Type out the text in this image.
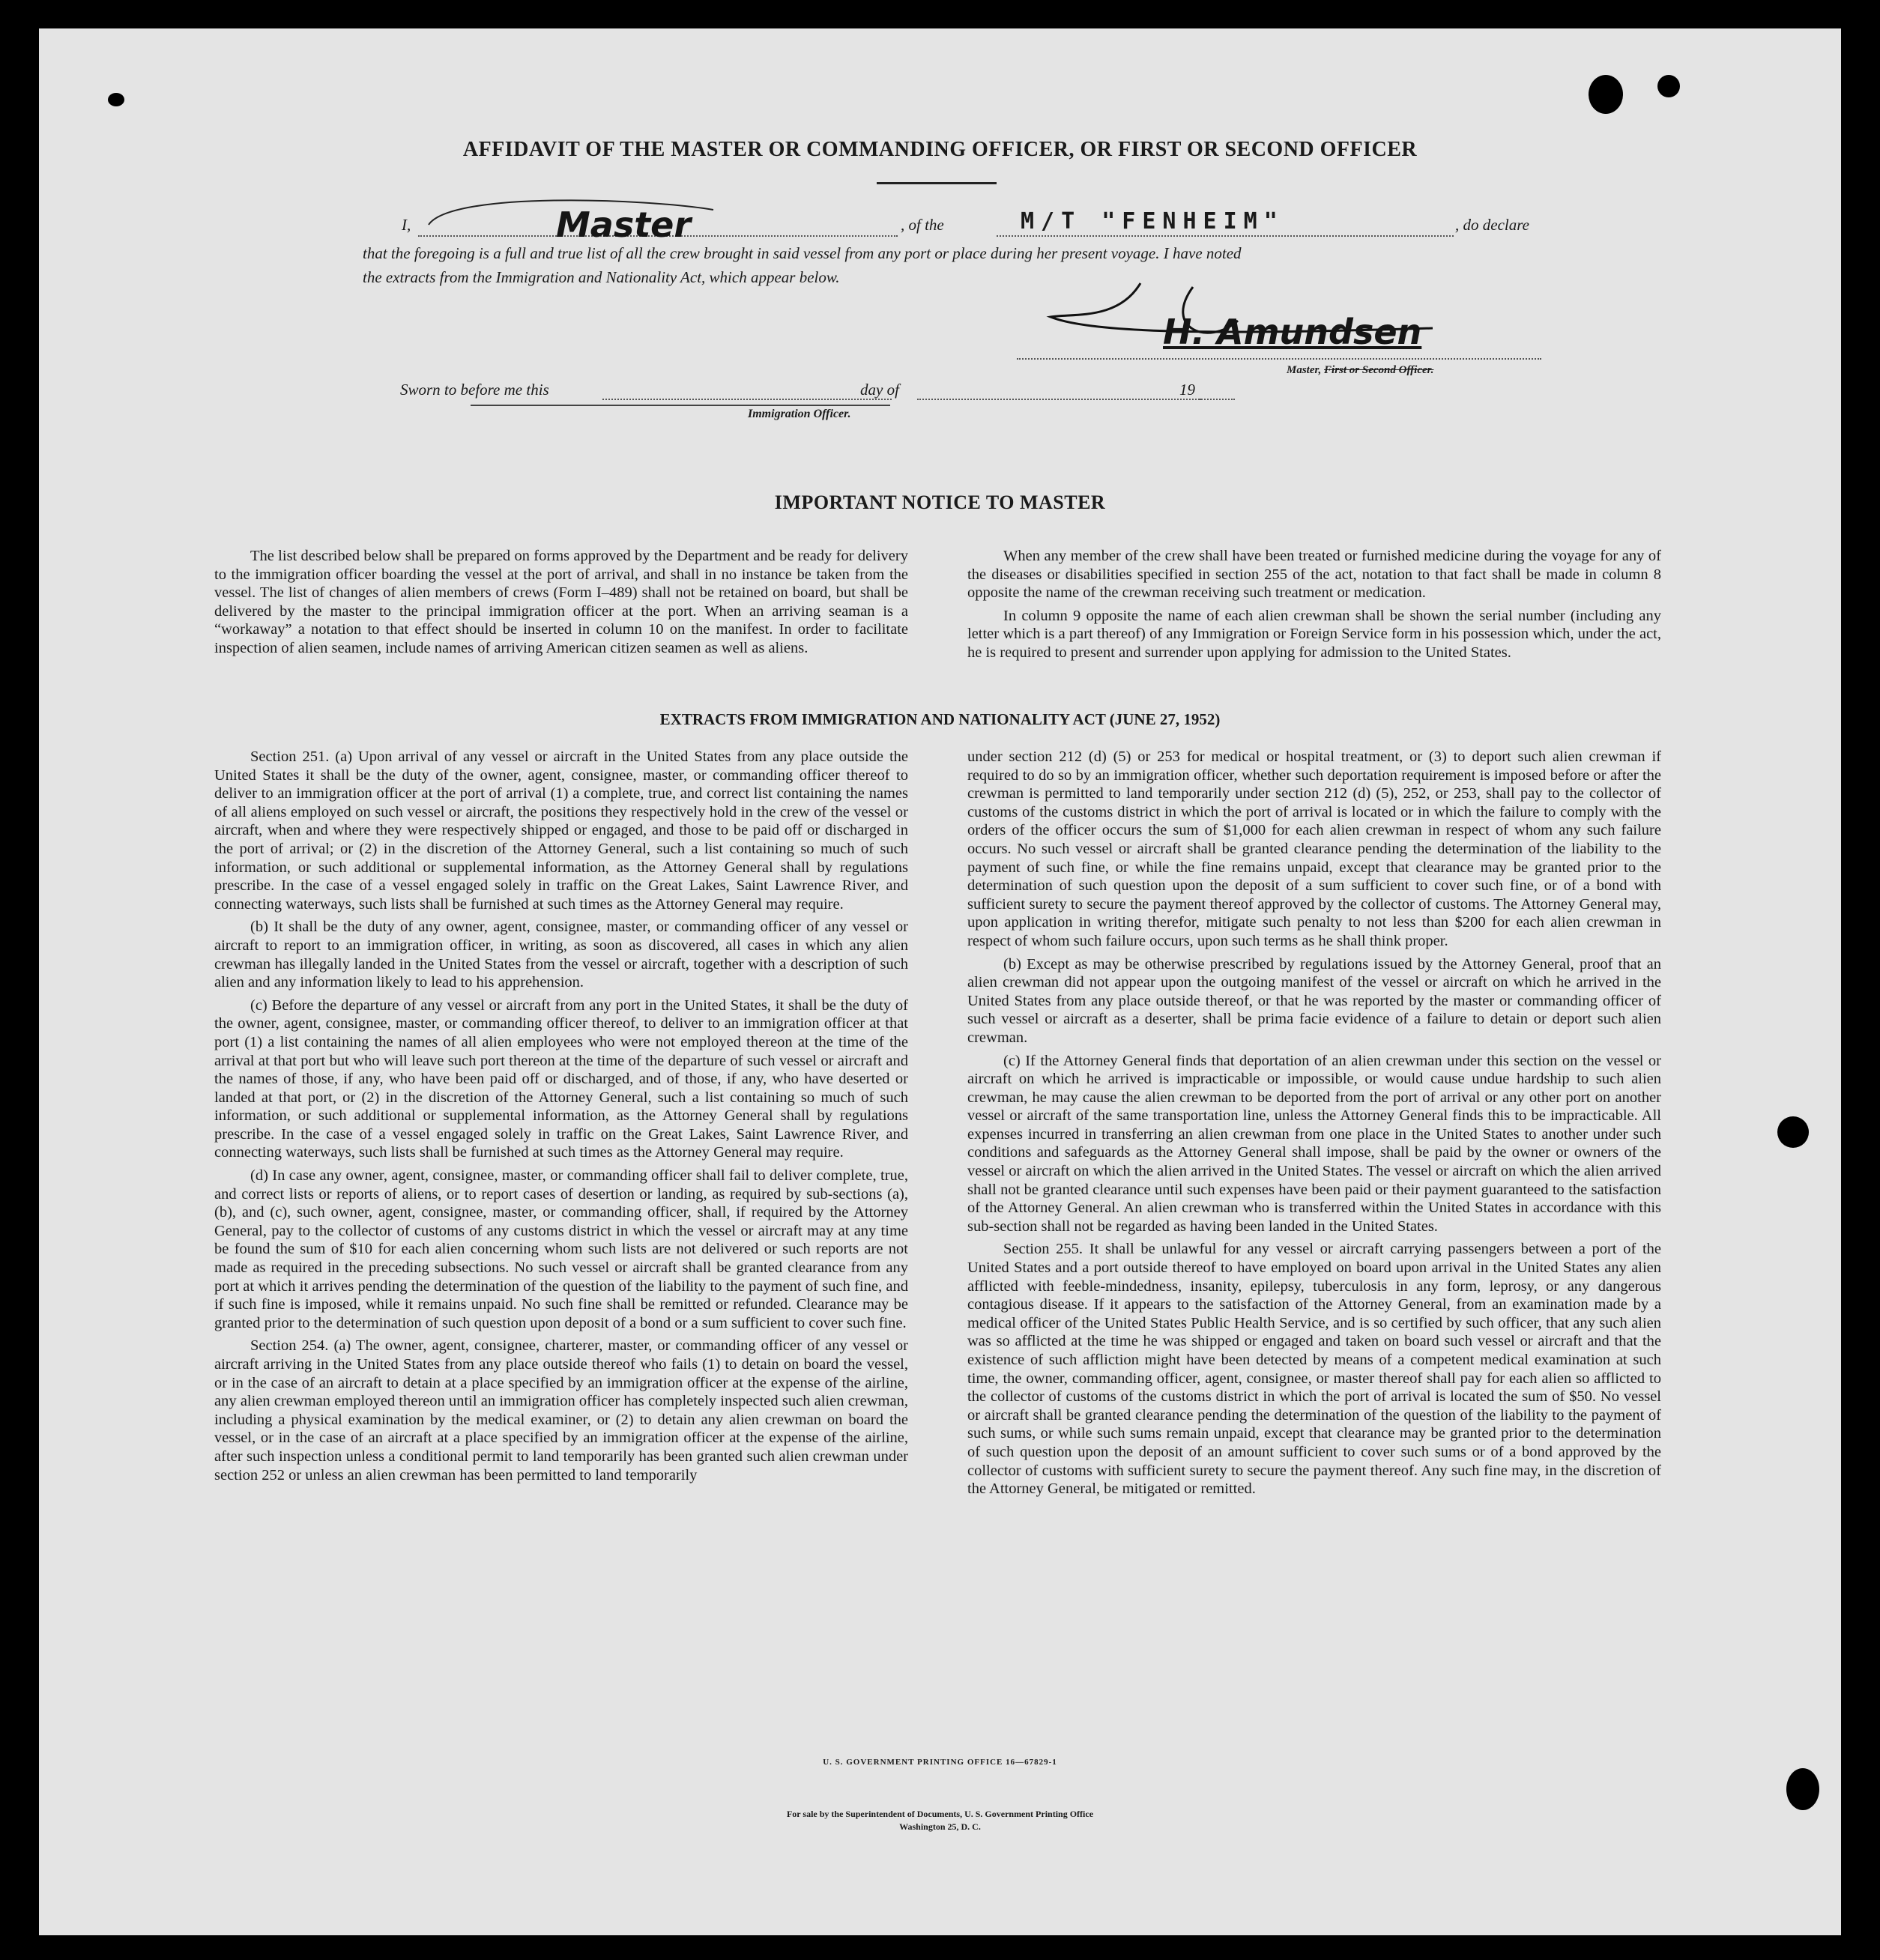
AFFIDAVIT OF THE MASTER OR COMMANDING OFFICER, OR FIRST OR SECOND OFFICER
I,	Master	, of the	M/T "FENHEIM"	, do declare
that the foregoing is a full and true list of all the crew brought in said vessel from any port or place during her present voyage. I have noted
the extracts from the Immigration and Nationality Act, which appear below.
H. Amundsen
Master, First or Second Officer.
Sworn to before me this	day of	19
Immigration Officer.
IMPORTANT NOTICE TO MASTER

The list described below shall be prepared on forms approved by the Department and be ready for delivery to the immigration officer boarding the vessel at the port of arrival, and shall in no instance be taken from the vessel. The list of changes of alien members of crews (Form I–489) shall not be retained on board, but shall be delivered by the master to the principal immigration officer at the port. When an arriving seaman is a “workaway” a notation to that effect should be inserted in column 10 on the manifest. In order to facilitate inspection of alien seamen, include names of arriving American citizen seamen as well as aliens.

When any member of the crew shall have been treated or furnished medicine during the voyage for any of the diseases or disabilities specified in section 255 of the act, notation to that fact shall be made in column 8 opposite the name of the crewman receiving such treatment or medication.

In column 9 opposite the name of each alien crewman shall be shown the serial number (including any letter which is a part thereof) of any Immigration or Foreign Service form in his possession which, under the act, he is required to present and surrender upon applying for admission to the United States.

EXTRACTS FROM IMMIGRATION AND NATIONALITY ACT (JUNE 27, 1952)

Section 251. (a) Upon arrival of any vessel or aircraft in the United States from any place outside the United States it shall be the duty of the owner, agent, consignee, master, or commanding officer thereof to deliver to an immigration officer at the port of arrival (1) a complete, true, and correct list containing the names of all aliens employed on such vessel or aircraft, the positions they respectively hold in the crew of the vessel or aircraft, when and where they were respectively shipped or engaged, and those to be paid off or discharged in the port of arrival; or (2) in the discretion of the Attorney General, such a list containing so much of such information, or such additional or supplemental information, as the Attorney General shall by regulations prescribe. In the case of a vessel engaged solely in traffic on the Great Lakes, Saint Lawrence River, and connecting waterways, such lists shall be furnished at such times as the Attorney General may require.

(b) It shall be the duty of any owner, agent, consignee, master, or commanding officer of any vessel or aircraft to report to an immigration officer, in writing, as soon as discovered, all cases in which any alien crewman has illegally landed in the United States from the vessel or aircraft, together with a description of such alien and any information likely to lead to his apprehension.

(c) Before the departure of any vessel or aircraft from any port in the United States, it shall be the duty of the owner, agent, consignee, master, or commanding officer thereof, to deliver to an immigration officer at that port (1) a list containing the names of all alien employees who were not employed thereon at the time of the arrival at that port but who will leave such port thereon at the time of the departure of such vessel or aircraft and the names of those, if any, who have been paid off or discharged, and of those, if any, who have deserted or landed at that port, or (2) in the discretion of the Attorney General, such a list containing so much of such information, or such additional or supplemental information, as the Attorney General shall by regulations prescribe. In the case of a vessel engaged solely in traffic on the Great Lakes, Saint Lawrence River, and connecting waterways, such lists shall be furnished at such times as the Attorney General may require.

(d) In case any owner, agent, consignee, master, or commanding officer shall fail to deliver complete, true, and correct lists or reports of aliens, or to report cases of desertion or landing, as required by sub-sections (a), (b), and (c), such owner, agent, consignee, master, or commanding officer, shall, if required by the Attorney General, pay to the collector of customs of any customs district in which the vessel or aircraft may at any time be found the sum of $10 for each alien concerning whom such lists are not delivered or such reports are not made as required in the preceding subsections. No such vessel or aircraft shall be granted clearance from any port at which it arrives pending the determination of the question of the liability to the payment of such fine, and if such fine is imposed, while it remains unpaid. No such fine shall be remitted or refunded. Clearance may be granted prior to the determination of such question upon deposit of a bond or a sum sufficient to cover such fine.

Section 254. (a) The owner, agent, consignee, charterer, master, or commanding officer of any vessel or aircraft arriving in the United States from any place outside thereof who fails (1) to detain on board the vessel, or in the case of an aircraft to detain at a place specified by an immigration officer at the expense of the airline, any alien crewman employed thereon until an immigration officer has completely inspected such alien crewman, including a physical examination by the medical examiner, or (2) to detain any alien crewman on board the vessel, or in the case of an aircraft at a place specified by an immigration officer at the expense of the airline, after such inspection unless a conditional permit to land temporarily has been granted such alien crewman under section 252 or unless an alien crewman has been permitted to land temporarily

under section 212 (d) (5) or 253 for medical or hospital treatment, or (3) to deport such alien crewman if required to do so by an immigration officer, whether such deportation requirement is imposed before or after the crewman is permitted to land temporarily under section 212 (d) (5), 252, or 253, shall pay to the collector of customs of the customs district in which the port of arrival is located or in which the failure to comply with the orders of the officer occurs the sum of $1,000 for each alien crewman in respect of whom any such failure occurs. No such vessel or aircraft shall be granted clearance pending the determination of the liability to the payment of such fine, or while the fine remains unpaid, except that clearance may be granted prior to the determination of such question upon the deposit of a sum sufficient to cover such fine, or of a bond with sufficient surety to secure the payment thereof approved by the collector of customs. The Attorney General may, upon application in writing therefor, mitigate such penalty to not less than $200 for each alien crewman in respect of whom such failure occurs, upon such terms as he shall think proper.

(b) Except as may be otherwise prescribed by regulations issued by the Attorney General, proof that an alien crewman did not appear upon the outgoing manifest of the vessel or aircraft on which he arrived in the United States from any place outside thereof, or that he was reported by the master or commanding officer of such vessel or aircraft as a deserter, shall be prima facie evidence of a failure to detain or deport such alien crewman.

(c) If the Attorney General finds that deportation of an alien crewman under this section on the vessel or aircraft on which he arrived is impracticable or impossible, or would cause undue hardship to such alien crewman, he may cause the alien crewman to be deported from the port of arrival or any other port on another vessel or aircraft of the same transportation line, unless the Attorney General finds this to be impracticable. All expenses incurred in transferring an alien crewman from one place in the United States to another under such conditions and safeguards as the Attorney General shall impose, shall be paid by the owner or owners of the vessel or aircraft on which the alien arrived in the United States. The vessel or aircraft on which the alien arrived shall not be granted clearance until such expenses have been paid or their payment guaranteed to the satisfaction of the Attorney General. An alien crewman who is transferred within the United States in accordance with this sub-section shall not be regarded as having been landed in the United States.

Section 255. It shall be unlawful for any vessel or aircraft carrying passengers between a port of the United States and a port outside thereof to have employed on board upon arrival in the United States any alien afflicted with feeble-mindedness, insanity, epilepsy, tuberculosis in any form, leprosy, or any dangerous contagious disease. If it appears to the satisfaction of the Attorney General, from an examination made by a medical officer of the United States Public Health Service, and is so certified by such officer, that any such alien was so afflicted at the time he was shipped or engaged and taken on board such vessel or aircraft and that the existence of such affliction might have been detected by means of a competent medical examination at such time, the owner, commanding officer, agent, consignee, or master thereof shall pay for each alien so afflicted to the collector of customs of the customs district in which the port of arrival is located the sum of $50. No vessel or aircraft shall be granted clearance pending the determination of the question of the liability to the payment of such sums, or while such sums remain unpaid, except that clearance may be granted prior to the determination of such question upon the deposit of an amount sufficient to cover such sums or of a bond approved by the collector of customs with sufficient surety to secure the payment thereof. Any such fine may, in the discretion of the Attorney General, be mitigated or remitted.

U. S. GOVERNMENT PRINTING OFFICE 16—67829-1
For sale by the Superintendent of Documents, U. S. Government Printing Office
Washington 25, D. C.
